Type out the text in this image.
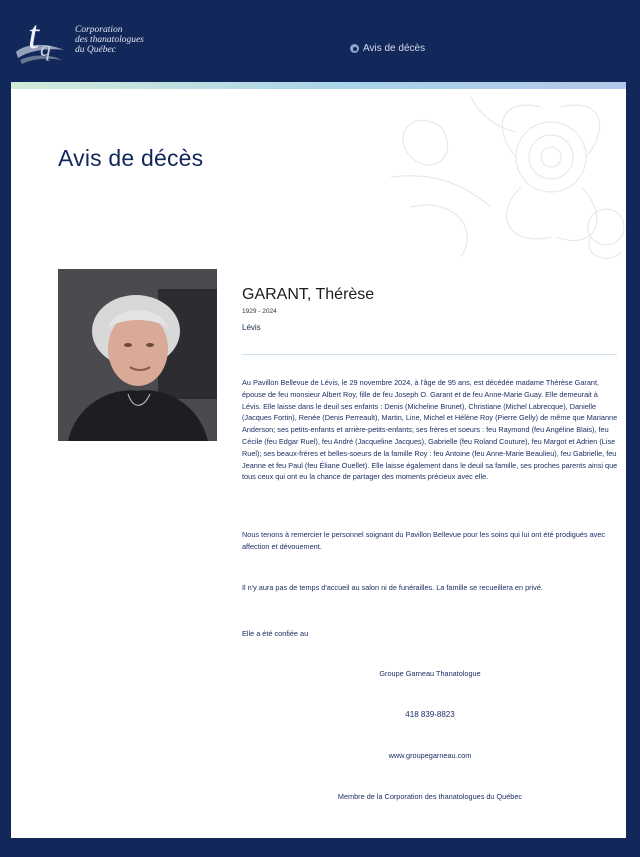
t q
Corporation
des thanatologues
du Québec	Avis de décès
Avis de décès
GARANT, Thérèse
1929 - 2024
Lévis
Au Pavillon Bellevue de Lévis, le 29 novembre 2024, à l'âge de 95 ans, est décédée madame Thérèse Garant, épouse de feu monsieur Albert Roy, fille de feu Joseph O. Garant et de feu Anne-Marie Guay. Elle demeurait à Lévis. Elle laisse dans le deuil ses enfants : Denis (Micheline Brunet), Christiane (Michel Labrecque), Danielle (Jacques Fortin), Renée (Denis Perreault), Martin, Line, Michel et Hélène Roy (Pierre Gelly) de même que Marianne Anderson; ses petits-enfants et arrière-petits-enfants; ses frères et soeurs : feu Raymond (feu Angéline Blais), feu Cécile (feu Edgar Ruel), feu André (Jacqueline Jacques), Gabrielle (feu Roland Couture), feu Margot et Adrien (Lise Ruel); ses beaux-frères et belles-soeurs de la famille Roy : feu Antoine (feu Anne-Marie Beaulieu), feu Gabrielle, feu Jeanne et feu Paul (feu Éliane Ouellet). Elle laisse également dans le deuil sa famille, ses proches parents ainsi que tous ceux qui ont eu la chance de partager des moments précieux avec elle.
Nous tenons à remercier le personnel soignant du Pavillon Bellevue pour les soins qui lui ont été prodigués avec affection et dévouement.
Il n'y aura pas de temps d'accueil au salon ni de funérailles. La famille se recueillera en privé.
Elle a été confiée au
Groupe Garneau Thanatologue
418 839-8823
www.groupegarneau.com
Membre de la Corporation des thanatologues du Québec
